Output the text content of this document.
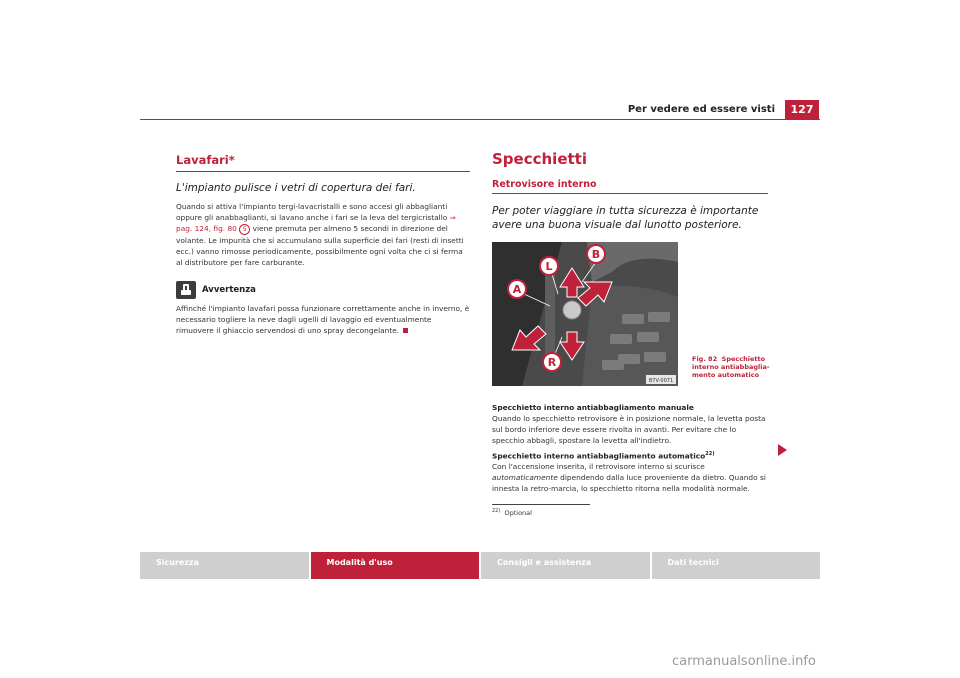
Per vedere ed essere visti	127
Lavafari*
L'impianto pulisce i vetri di copertura dei fari.
Quando si attiva l'impianto tergi-lavacristalli e sono accesi gli abbaglianti oppure gli anabbaglianti, si lavano anche i fari se la leva del tergicristallo ⇒ pag. 124, fig. 80 5 viene premuta per almeno 5 secondi in direzione del volante. Le impurità che si accumulano sulla superficie dei fari (resti di insetti ecc.) vanno rimosse periodicamente, possibilmente ogni volta che ci si ferma al distributore per fare carburante.
Avvertenza
Affinché l'impianto lavafari possa funzionare correttamente anche in inverno, è necessario togliere la neve dagli ugelli di lavaggio ed eventualmente rimuovere il ghiaccio servendosi di uno spray decongelante.
Specchietti
Retrovisore interno
Per poter viaggiare in tutta sicurezza è importante avere una buona visuale dal lunotto posteriore.
A
L
B
R
B7V-0071
Fig. 82 Specchietto interno antiabbaglia-mento automatico
Specchietto interno antiabbagliamento manuale
Quando lo specchietto retrovisore è in posizione normale, la levetta posta sul bordo inferiore deve essere rivolta in avanti. Per evitare che lo specchio abbagli, spostare la levetta all'indietro.
Specchietto interno antiabbagliamento automatico$^{22)}$
Con l'accensione inserita, il retrovisore interno si scurisce automaticamente dipendendo dalla luce proveniente da dietro. Quando si innesta la retro-marcia, lo specchietto ritorna nella modalità normale.
$^{22)}$ Optional
Sicurezza	Modalità d'uso	Consigli e assistenza	Dati tecnici
carmanualsonline.info
